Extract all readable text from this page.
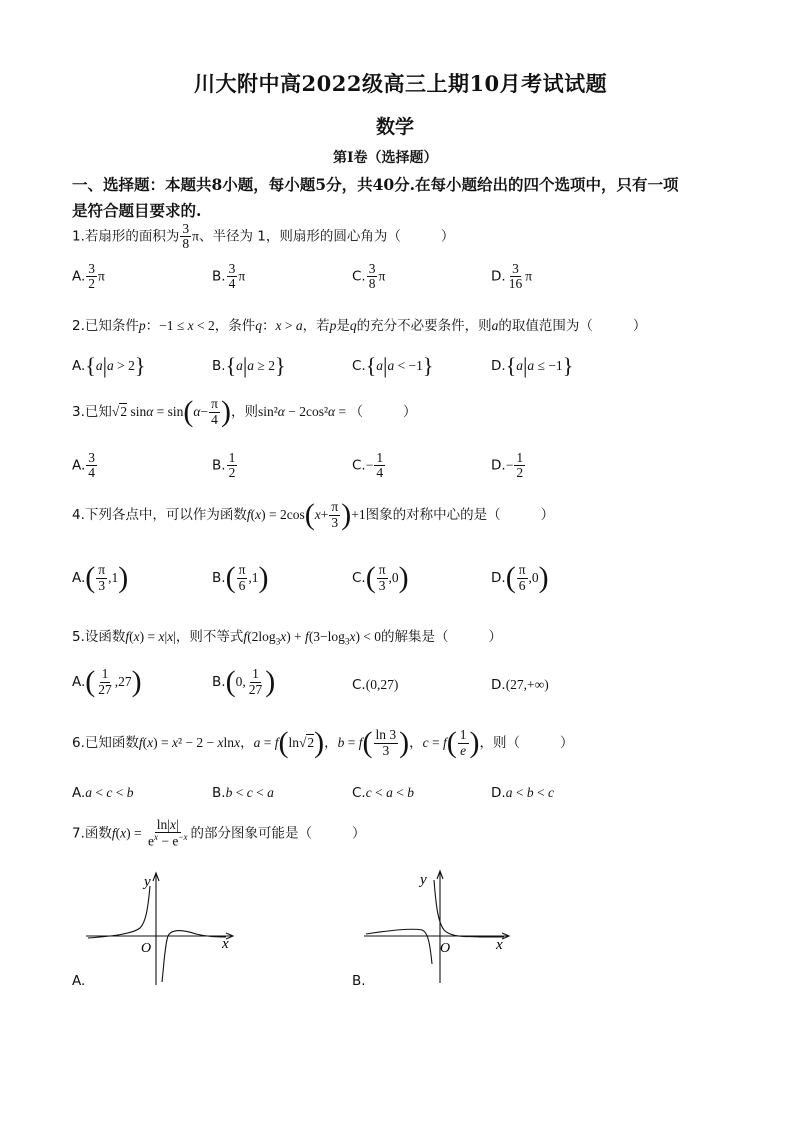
川大附中高2022级高三上期10月考试试题
数学
第Ⅰ卷（选择题）
一、选择题：本题共8小题，每小题5分，共40分.在每小题给出的四个选项中，只有一项
是符合题目要求的.
1.若扇形的面积为 $\frac{3}{8}$ π、半径为 1，则扇形的圆心角为（	）
A. $\frac{3}{2}$ π	B. $\frac{3}{4}$ π	C. $\frac{3}{8}$ π	D. $\frac{3}{16}$ π
2.已知条件p：−1 ≤ x < 2，条件q：x > a，若p是q的充分不必要条件，则a的取值范围为（	）
A.{a|a > 2}	B.{a|a ≥ 2}	C.{a|a < −1}	D.{a|a ≤ −1}
3.已知√2 $\sin\alpha = \sin(\alpha- \frac{\pi}{4}$ )，则sin²α − 2cos²α = （	）
A. $\frac{3}{4}$	B. $\frac{1}{2}$	$C.- \frac{1}{4}$	$D.- \frac{1}{2}$
4.下列各点中，可以作为函数$f(x) = 2\cos(x+ \frac{\pi}{3} )+1$图象的对称中心的是（	）
$A.( \frac{\pi}{3} ,1)$	$B.( \frac{\pi}{6} ,1)$	$C.( \frac{\pi}{3} ,0)$	$D.( \frac{\pi}{6} ,0)$
5.设函数f(x) = x|x|，则不等式$f(2\log_3x) + f(3-\log_3x) < 0$的解集是（	）
$A.( \frac{1}{27} ,27)$	B.(0, $\frac{1}{27}$ )	C.(0,27)	D.(27,+∞)
6.已知函数f(x) = x² − 2 − xlnx，a = f(ln√2)，$b = f( \frac{\ln 3}{3}$ )，$c = f( \frac{1}{e}$ )，则（	）
A.a < c < b	B.b < c < a	C.c < a < b	D.a < b < c
7.函数$f(x) = \frac{\ln|x|}{e^x - e^{-x}}$ 的部分图象可能是（	）
y
x
O
A.
y
x
O
B.
